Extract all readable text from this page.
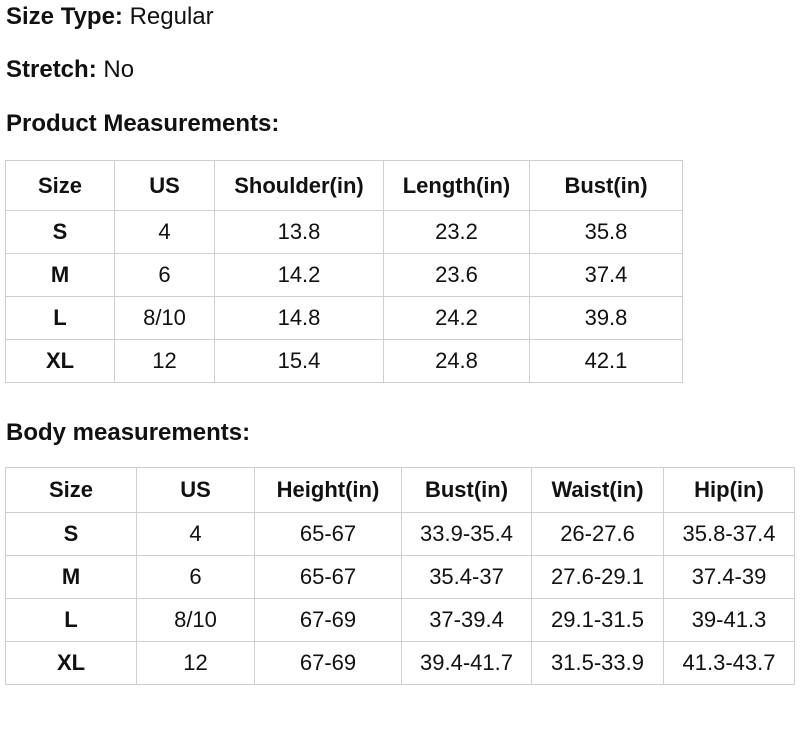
Size Type: Regular
Stretch: No
Product Measurements:
Size	US	Shoulder(in)	Length(in)	Bust(in)
S	4	13.8	23.2	35.8
M	6	14.2	23.6	37.4
L	8/10	14.8	24.2	39.8
XL	12	15.4	24.8	42.1
Body measurements:
Size	US	Height(in)	Bust(in)	Waist(in)	Hip(in)
S	4	65-67	33.9-35.4	26-27.6	35.8-37.4
M	6	65-67	35.4-37	27.6-29.1	37.4-39
L	8/10	67-69	37-39.4	29.1-31.5	39-41.3
XL	12	67-69	39.4-41.7	31.5-33.9	41.3-43.7
